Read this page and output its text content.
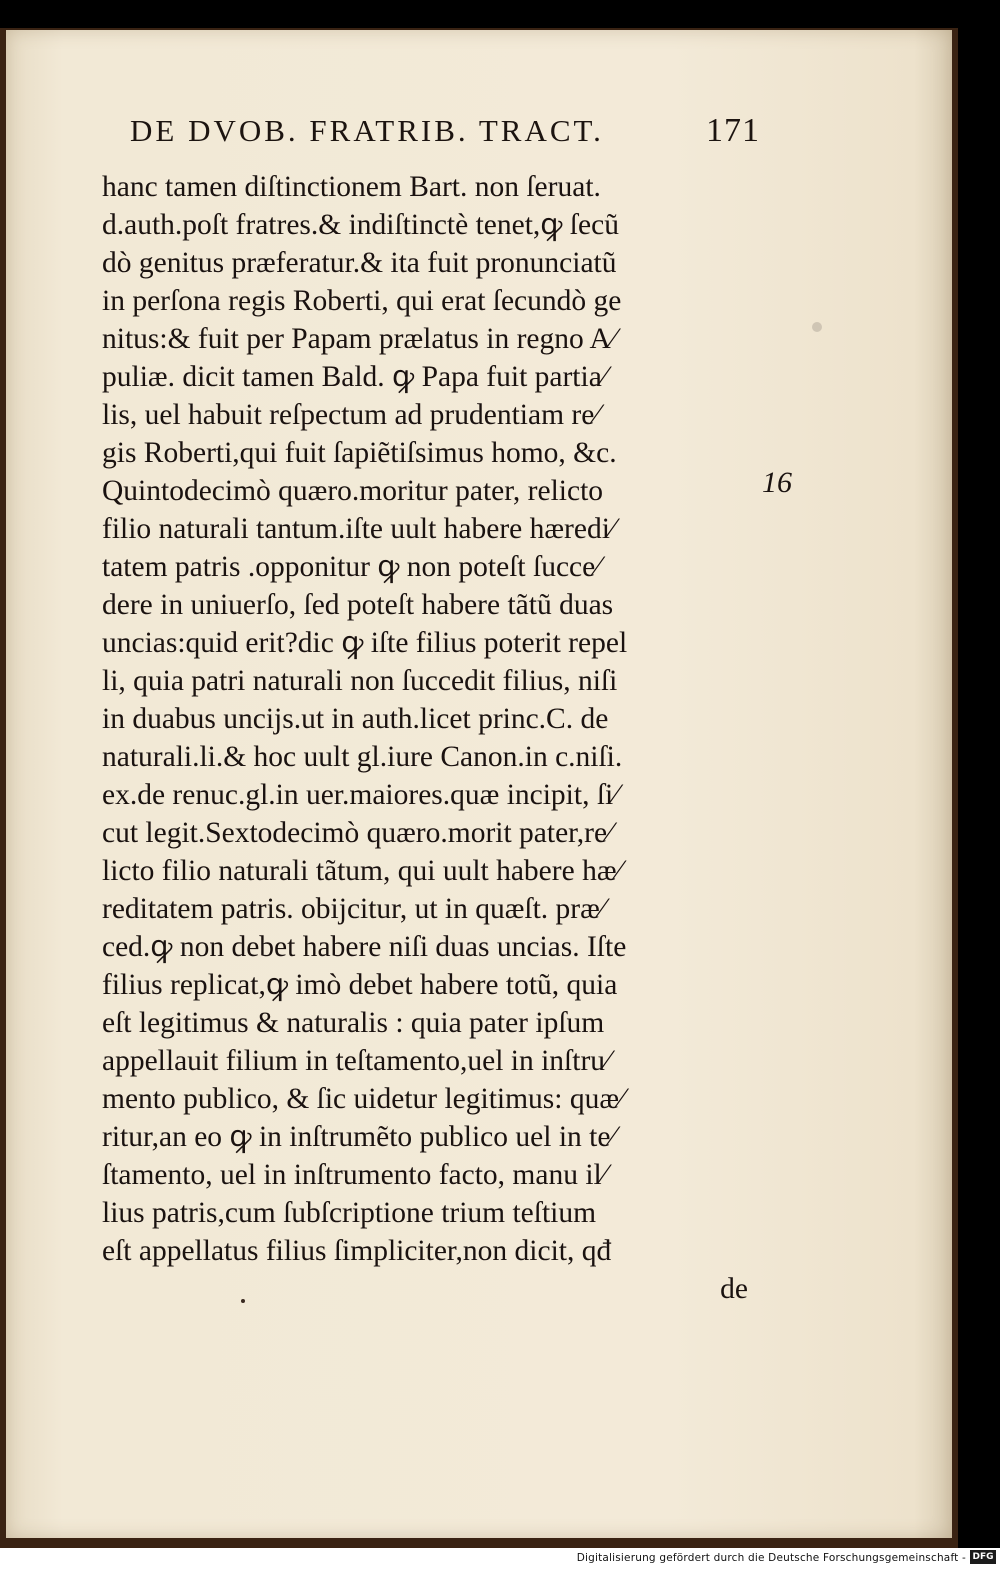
DE DVOB. FRATRIB. TRACT.	171
hanc tamen diſtinctionem Bart. non ſeruat.
d.auth.poſt fratres.& indiſtinctè tenet,ꝙ ſecũ
dò genitus præferatur.& ita fuit pronunciatũ
in perſona regis Roberti, qui erat ſecundò ge
nitus:& fuit per Papam prælatus in regno A⁄
puliæ. dicit tamen Bald. ꝙ Papa fuit partia⁄
lis, uel habuit reſpectum ad prudentiam re⁄
gis Roberti,qui fuit ſapiẽtiſsimus homo, &c.
Quintodecimò quæro.moritur pater, relicto
filio naturali tantum.iſte uult habere hæredi⁄
tatem patris .opponitur ꝙ non poteſt ſucce⁄
dere in uniuerſo, ſed poteſt habere tãtũ duas
uncias:quid erit?dic ꝙ iſte filius poterit repel
li, quia patri naturali non ſuccedit filius, niſi
in duabus uncijs.ut in auth.licet princ.C. de
naturali.li.& hoc uult gl.iure Canon.in c.niſi.
ex.de renuc.gl.in uer.maiores.quæ incipit, ſi⁄
cut legit.Sextodecimò quæro.morit pater,re⁄
licto filio naturali tãtum, qui uult habere hæ⁄
reditatem patris. obijcitur, ut in quæſt. præ⁄
ced.ꝙ non debet habere niſi duas uncias. Iſte
filius replicat,ꝙ imò debet habere totũ, quia
eſt legitimus & naturalis : quia pater ipſum
appellauit filium in teſtamento,uel in inſtru⁄
mento publico, & ſic uidetur legitimus: quæ⁄
ritur,an eo ꝙ in inſtrumẽto publico uel in te⁄
ſtamento, uel in inſtrumento facto, manu il⁄
lius patris,cum ſubſcriptione trium teſtium
eſt appellatus filius ſimpliciter,non dicit, qđ
de
16
Digitalisierung gefördert durch die Deutsche Forschungsgemeinschaft - DFG
